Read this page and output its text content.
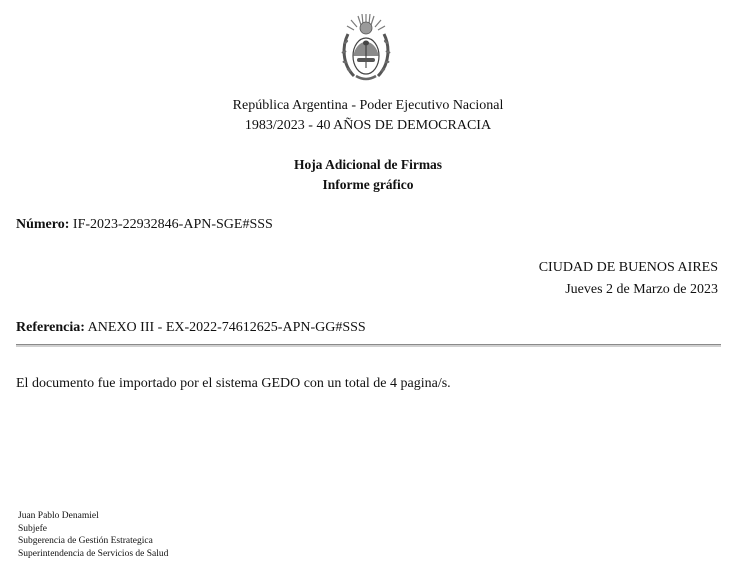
República Argentina - Poder Ejecutivo Nacional
1983/2023 - 40 AÑOS DE DEMOCRACIA
Hoja Adicional de Firmas
Informe gráfico
Número: IF-2023-22932846-APN-SGE#SSS
CIUDAD DE BUENOS AIRES
Jueves 2 de Marzo de 2023
Referencia: ANEXO III - EX-2022-74612625-APN-GG#SSS
El documento fue importado por el sistema GEDO con un total de 4 pagina/s.
Juan Pablo Denamiel
Subjefe
Subgerencia de Gestión Estrategica
Superintendencia de Servicios de Salud
